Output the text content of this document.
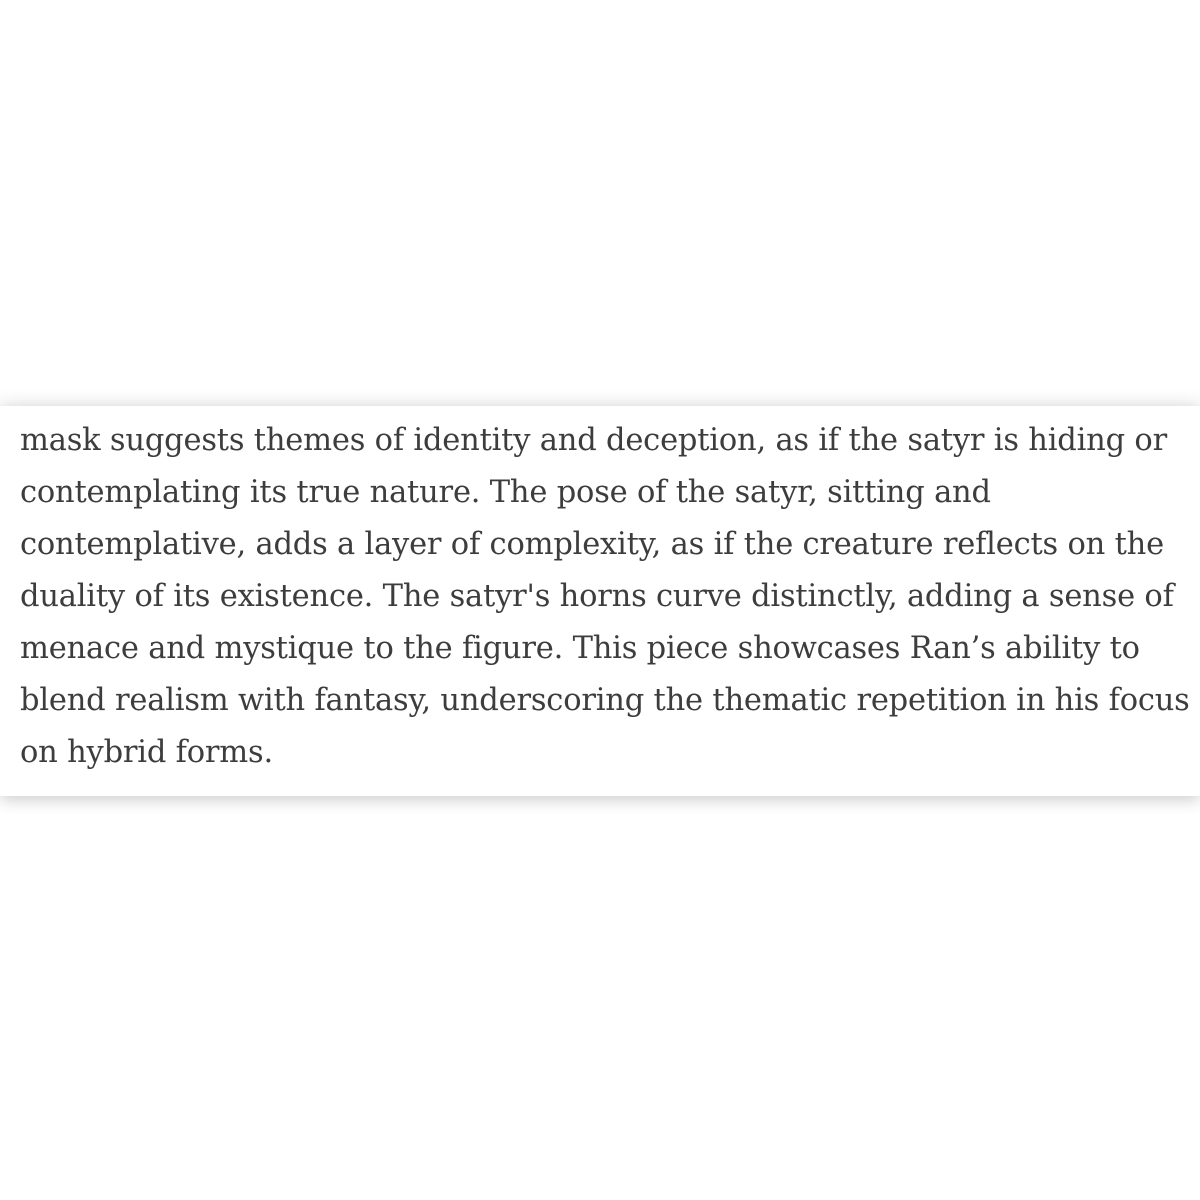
mask suggests themes of identity and deception, as if the satyr is hiding or

contemplating its true nature. The pose of the satyr, sitting and

contemplative, adds a layer of complexity, as if the creature reflects on the

duality of its existence. The satyr's horns curve distinctly, adding a sense of

menace and mystique to the figure. This piece showcases Ran’s ability to

blend realism with fantasy, underscoring the thematic repetition in his focus

on hybrid forms.
